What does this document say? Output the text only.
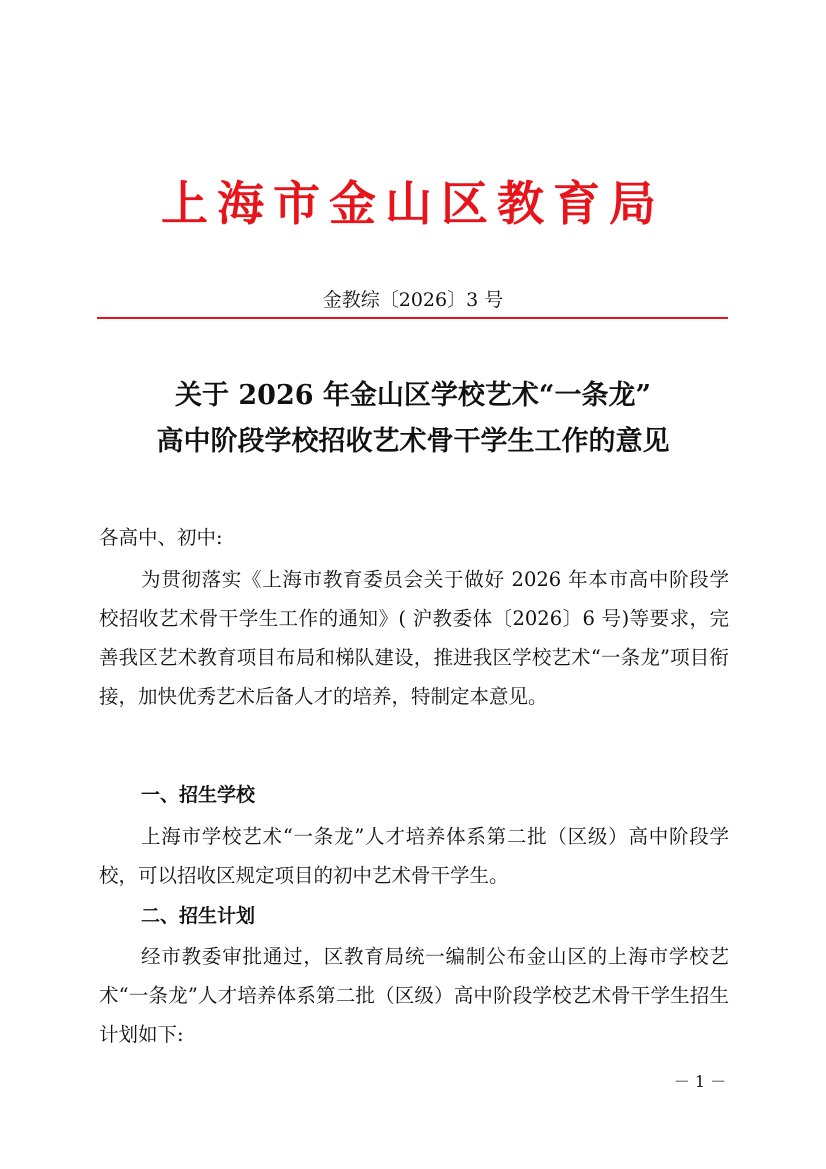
上海市金山区教育局
金教综〔2026〕3 号
关于 2026 年金山区学校艺术“一条龙”
高中阶段学校招收艺术骨干学生工作的意见
各高中、初中:
为贯彻落实《上海市教育委员会关于做好 2026 年本市高中阶段学校招收艺术骨干学生工作的通知》( 沪教委体〔2026〕6 号)等要求，完善我区艺术教育项目布局和梯队建设，推进我区学校艺术“一条龙”项目衔接，加快优秀艺术后备人才的培养，特制定本意见。
一、招生学校
上海市学校艺术“一条龙”人才培养体系第二批（区级）高中阶段学校，可以招收区规定项目的初中艺术骨干学生。
二、招生计划
经市教委审批通过，区教育局统一编制公布金山区的上海市学校艺术“一条龙”人才培养体系第二批（区级）高中阶段学校艺术骨干学生招生计划如下:
－ 1 －
